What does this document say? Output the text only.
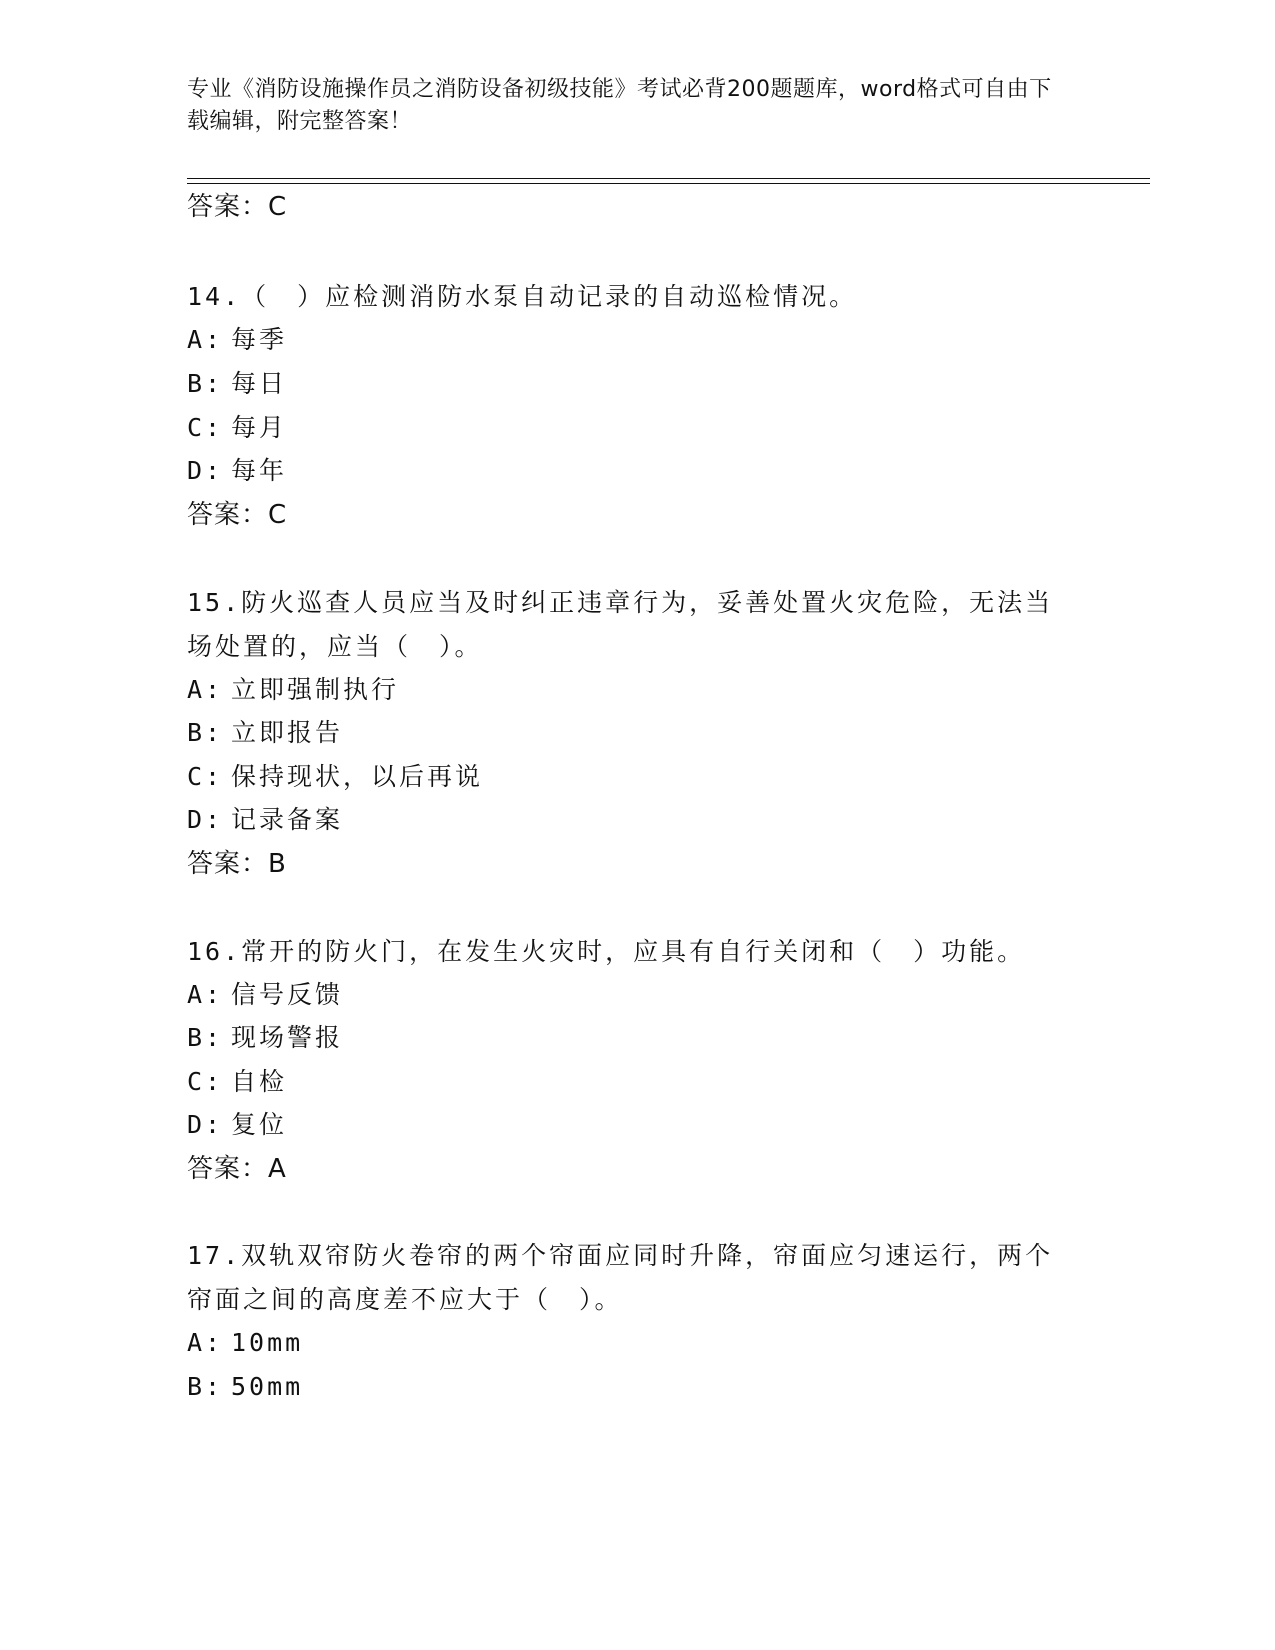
专业《消防设施操作员之消防设备初级技能》考试必背200题题库，word格式可自由下载编辑，附完整答案！
答案：C
14.（　）应检测消防水泵自动记录的自动巡检情况。
A: 每季
B: 每日
C: 每月
D: 每年
答案：C
15.防火巡查人员应当及时纠正违章行为，妥善处置火灾危险，无法当
场处置的，应当（　）。
A: 立即强制执行
B: 立即报告
C: 保持现状，以后再说
D: 记录备案
答案：B
16.常开的防火门，在发生火灾时，应具有自行关闭和（　）功能。
A: 信号反馈
B: 现场警报
C: 自检
D: 复位
答案：A
17.双轨双帘防火卷帘的两个帘面应同时升降，帘面应匀速运行，两个
帘面之间的高度差不应大于（　）。
A: 10mm
B: 50mm
